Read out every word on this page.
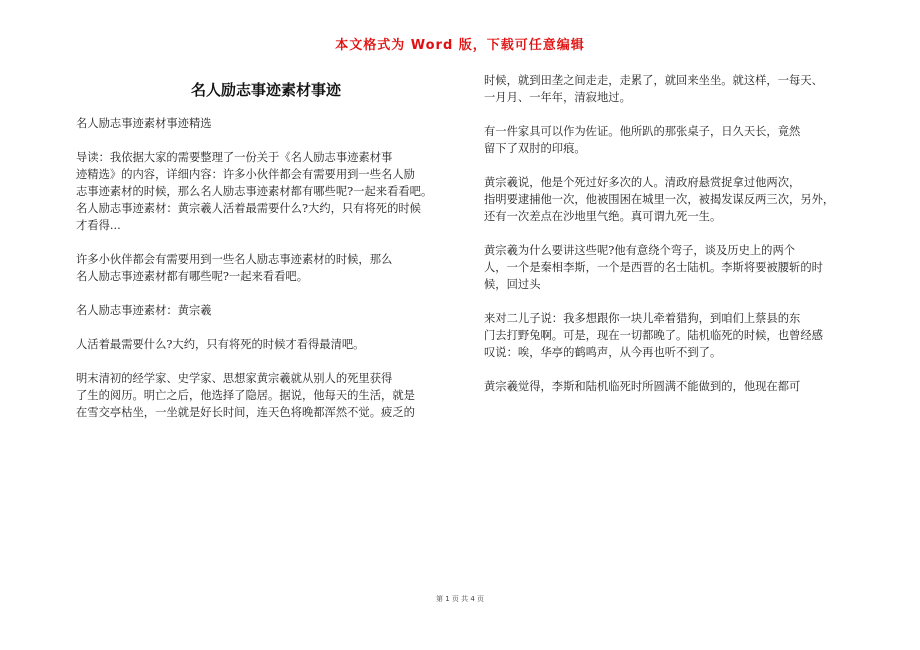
本文格式为 Word 版，下载可任意编辑
名人励志事迹素材事迹
名人励志事迹素材事迹精选
导读：我依据大家的需要整理了一份关于《名人励志事迹素材事
迹精选》的内容，详细内容：许多小伙伴都会有需要用到一些名人励
志事迹素材的时候，那么名人励志事迹素材都有哪些呢?一起来看看吧。
名人励志事迹素材：黄宗羲人活着最需要什么?大约，只有将死的时候
才看得...
许多小伙伴都会有需要用到一些名人励志事迹素材的时候，那么
名人励志事迹素材都有哪些呢?一起来看看吧。
名人励志事迹素材：黄宗羲
人活着最需要什么?大约，只有将死的时候才看得最清吧。
明末清初的经学家、史学家、思想家黄宗羲就从别人的死里获得
了生的阅历。明亡之后，他选择了隐居。据说，他每天的生活，就是
在雪交亭枯坐，一坐就是好长时间，连天色将晚都浑然不觉。疲乏的
时候，就到田垄之间走走，走累了，就回来坐坐。就这样，一每天、
一月月、一年年，清寂地过。
有一件家具可以作为佐证。他所趴的那张桌子，日久天长，竟然
留下了双肘的印痕。
黄宗羲说，他是个死过好多次的人。清政府悬赏捉拿过他两次，
指明要逮捕他一次，他被围困在城里一次，被揭发谋反两三次，另外，
还有一次差点在沙地里气绝。真可谓九死一生。
黄宗羲为什么要讲这些呢?他有意绕个弯子，谈及历史上的两个
人，一个是秦相李斯，一个是西晋的名士陆机。李斯将要被腰斩的时
候，回过头
来对二儿子说：我多想跟你一块儿牵着猎狗，到咱们上蔡县的东
门去打野兔啊。可是，现在一切都晚了。陆机临死的时候，也曾经感
叹说：唉，华亭的鹤鸣声，从今再也听不到了。
黄宗羲觉得，李斯和陆机临死时所圆满不能做到的，他现在都可
第 1 页 共 4 页
